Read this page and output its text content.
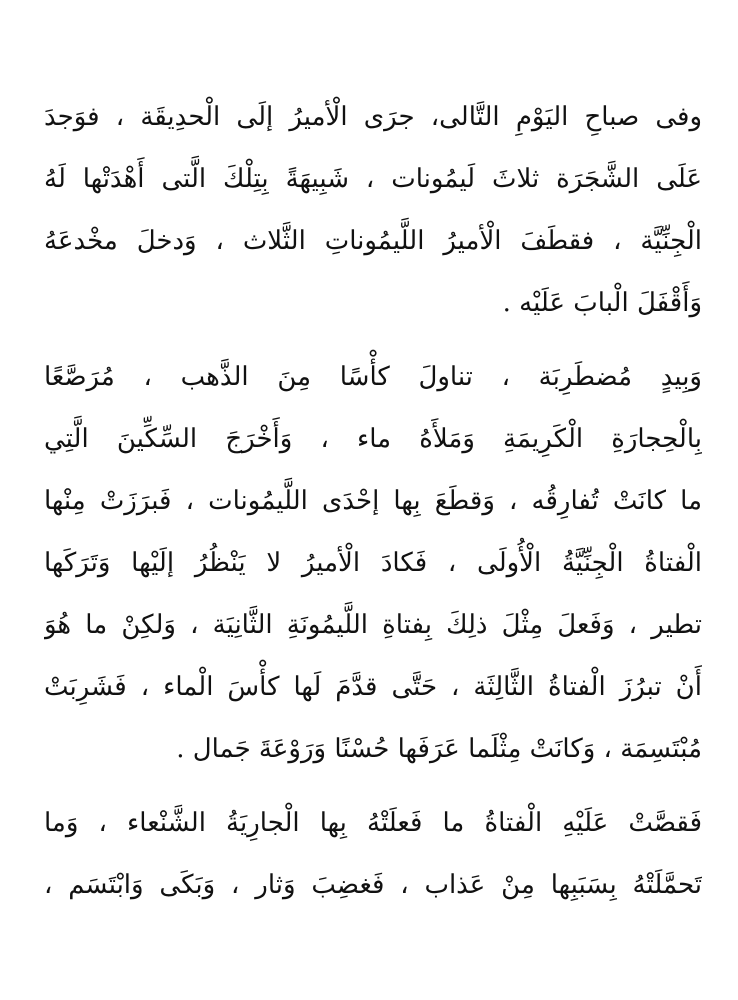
وفى صباحِ اليَوْمِ التَّالى، جرَى الْأميرُ إلَى الْحدِيقَة ، فوَجدَ
عَلَى الشَّجَرَة ثلاثَ لَيمُونات ، شَبِيهَةً بِتِلْكَ الَّتى أَهْدَتْها لَهُ
الْجِنِّيَّة ، فقطَفَ الْأميرُ اللَّيمُوناتِ الثَّلاث ، وَدخلَ مخْدعَهُ
وَأَقْفَلَ الْبابَ عَلَيْه .
وَبِيدٍ مُضطَرِبَة ، تناولَ كأْسًا مِنَ الذَّهب ، مُرَصَّعًا
بِالْحِجارَةِ الْكَرِيمَةِ وَمَلأَهُ ماء ، وَأَخْرَجَ السِّكِّينَ الَّتِي
ما كانَتْ تُفارِقُه ، وَقطَعَ بِها إحْدَى اللَّيمُونات ، فَبرَزَتْ مِنْها
الْفتاةُ الْجِنِّيَّةُ الْأُولَى ، فَكادَ الْأميرُ لا يَنْظُرُ إلَيْها وَتَرَكَها
تطير ، وَفَعلَ مِثْلَ ذلِكَ بِفتاةِ اللَّيمُونَةِ الثَّانِيَة ، وَلكِنْ ما هُوَ
أَنْ تبرُزَ الْفتاةُ الثَّالِثَة ، حَتَّى قدَّمَ لَها كأْسَ الْماء ، فَشَرِبَتْ
مُبْتَسِمَة ، وَكانَتْ مِثْلَما عَرَفَها حُسْنًا وَرَوْعَةَ جَمال .
فَقصَّتْ عَلَيْهِ الْفتاةُ ما فَعلَتْهُ بِها الْجارِيَةُ الشَّنْعاء ، وَما
تَحمَّلَتْهُ بِسَبَبِها مِنْ عَذاب ، فَغضِبَ وَثار ، وَبَكَى وَابْتَسَم ،
